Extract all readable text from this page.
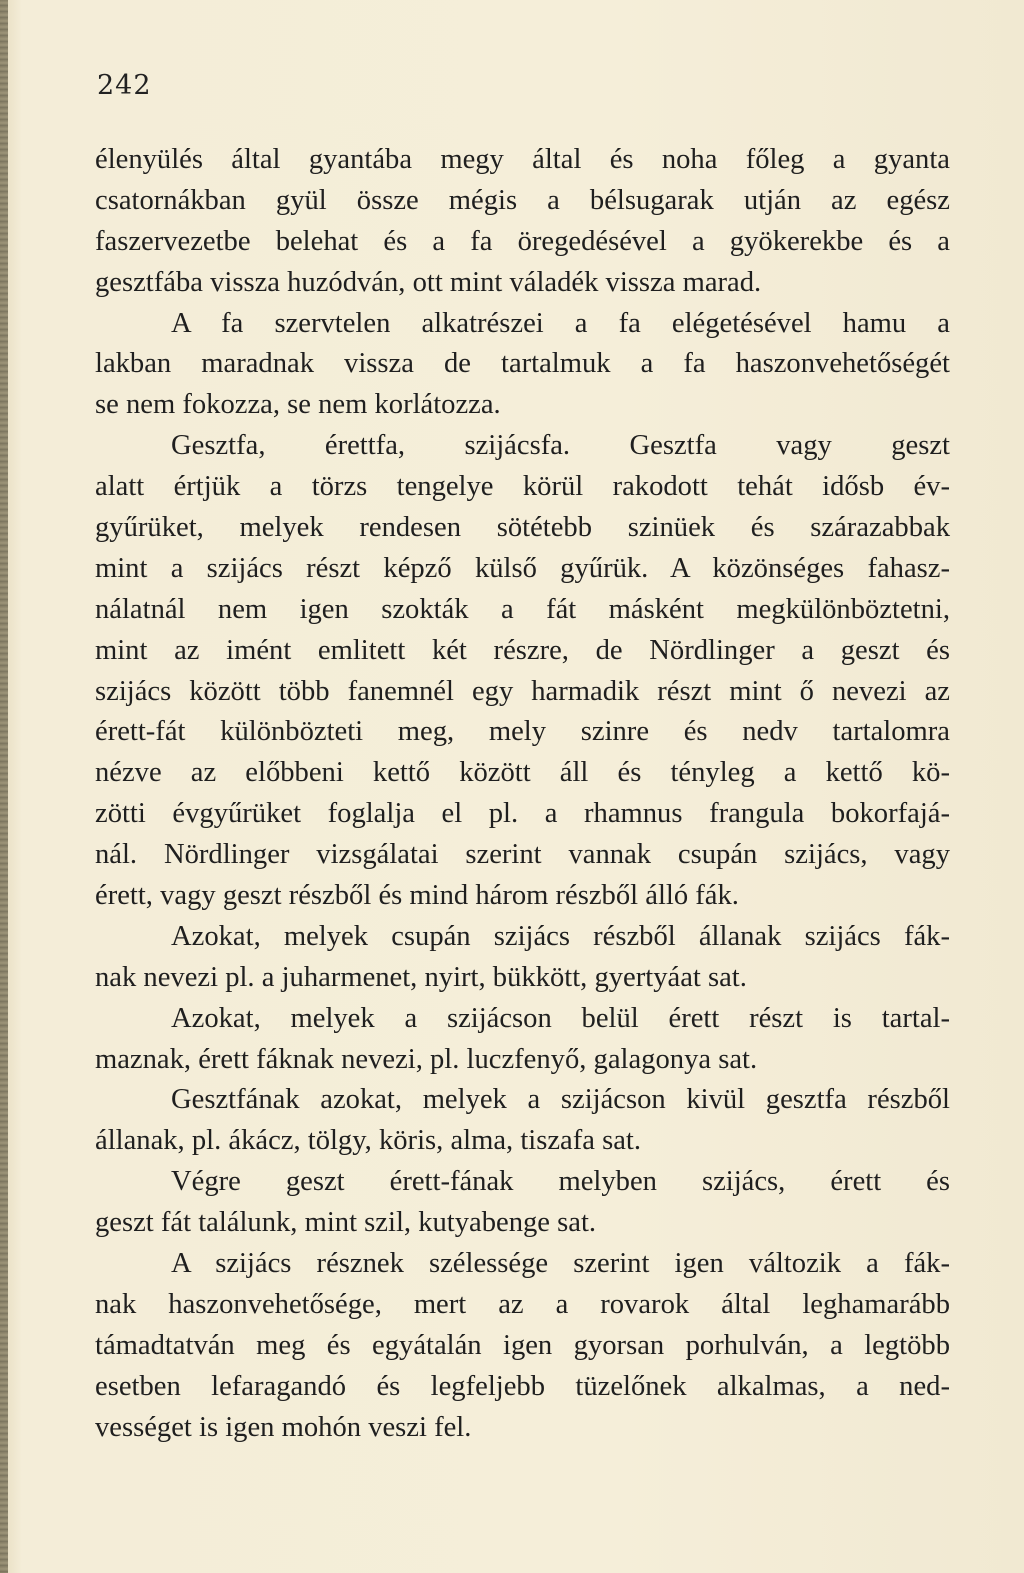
242
élenyülés által gyantába megy által és noha főleg a gyanta
csatornákban gyül össze mégis a bélsugarak utján az egész
faszervezetbe belehat és a fa öregedésével a gyökerekbe és a
gesztfába vissza huzódván, ott mint váladék vissza marad.
A fa szervtelen alkatrészei a fa elégetésével hamu a
lakban maradnak vissza de tartalmuk a fa haszonvehetőségét
se nem fokozza, se nem korlátozza.
Gesztfa, érettfa, szijácsfa. Gesztfa vagy geszt
alatt értjük a törzs tengelye körül rakodott tehát idősb év-
gyűrüket, melyek rendesen sötétebb szinüek és szárazabbak
mint a szijács részt képző külső gyűrük. A közönséges fahasz-
nálatnál nem igen szokták a fát másként megkülönböztetni,
mint az imént emlitett két részre, de Nördlinger a geszt és
szijács között több fanemnél egy harmadik részt mint ő nevezi az
érett-fát különbözteti meg, mely szinre és nedv tartalomra
nézve az előbbeni kettő között áll és tényleg a kettő kö-
zötti évgyűrüket foglalja el pl. a rhamnus frangula bokorfajá-
nál. Nördlinger vizsgálatai szerint vannak csupán szijács, vagy
érett, vagy geszt részből és mind három részből álló fák.
Azokat, melyek csupán szijács részből állanak szijács fák-
nak nevezi pl. a juharmenet, nyirt, bükkött, gyertyáat sat.
Azokat, melyek a szijácson belül érett részt is tartal-
maznak, érett fáknak nevezi, pl. luczfenyő, galagonya sat.
Gesztfának azokat, melyek a szijácson kivül gesztfa részből
állanak, pl. ákácz, tölgy, köris, alma, tiszafa sat.
Végre geszt érett-fának melyben szijács, érett és
geszt fát találunk, mint szil, kutyabenge sat.
A szijács résznek szélessége szerint igen változik a fák-
nak haszonvehetősége, mert az a rovarok által leghamarább
támadtatván meg és egyátalán igen gyorsan porhulván, a legtöbb
esetben lefaragandó és legfeljebb tüzelőnek alkalmas, a ned-
vességet is igen mohón veszi fel.
